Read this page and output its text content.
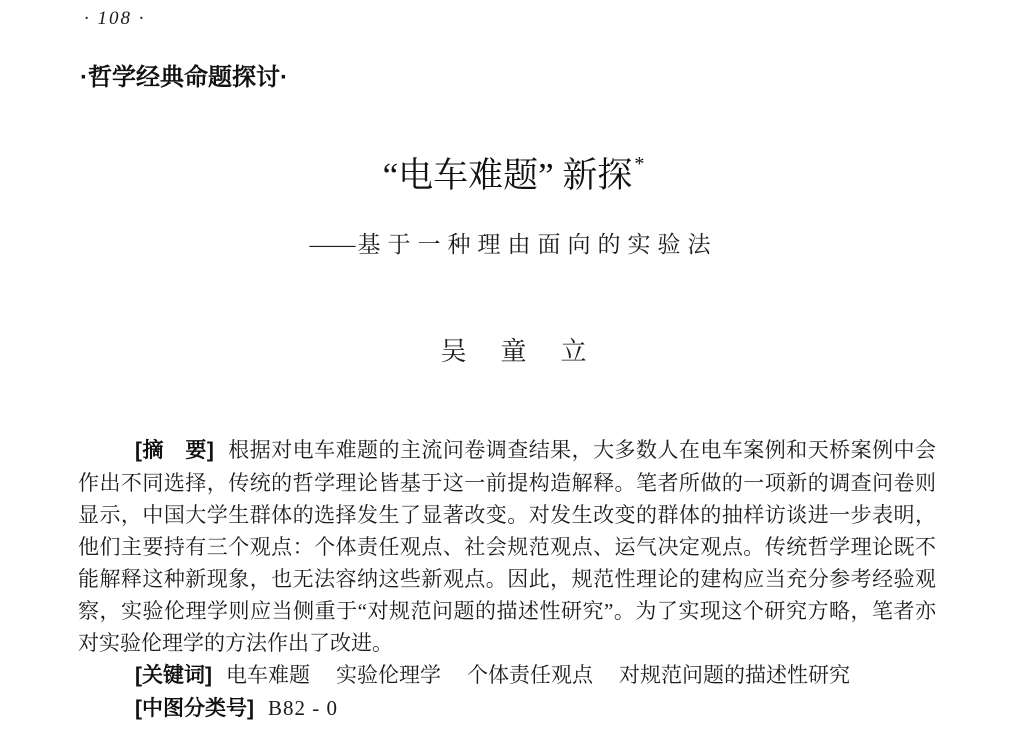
· 108 ·
·哲学经典命题探讨·
“电车难题” 新探 *
——基于一种理由面向的实验法
吴童立

[摘　要] 根据对电车难题的主流问卷调查结果，大多数人在电车案例和天桥案例中会作出不同选择，传统的哲学理论皆基于这一前提构造解释。笔者所做的一项新的调查问卷则显示，中国大学生群体的选择发生了显著改变。对发生改变的群体的抽样访谈进一步表明，他们主要持有三个观点：个体责任观点、社会规范观点、运气决定观点。传统哲学理论既不能解释这种新现象，也无法容纳这些新观点。因此，规范性理论的建构应当充分参考经验观察，实验伦理学则应当侧重于“对规范问题的描述性研究”。为了实现这个研究方略，笔者亦对实验伦理学的方法作出了改进。

[关键词] 电车难题 实验伦理学 个体责任观点 对规范问题的描述性研究

[中图分类号] B82 - 0
